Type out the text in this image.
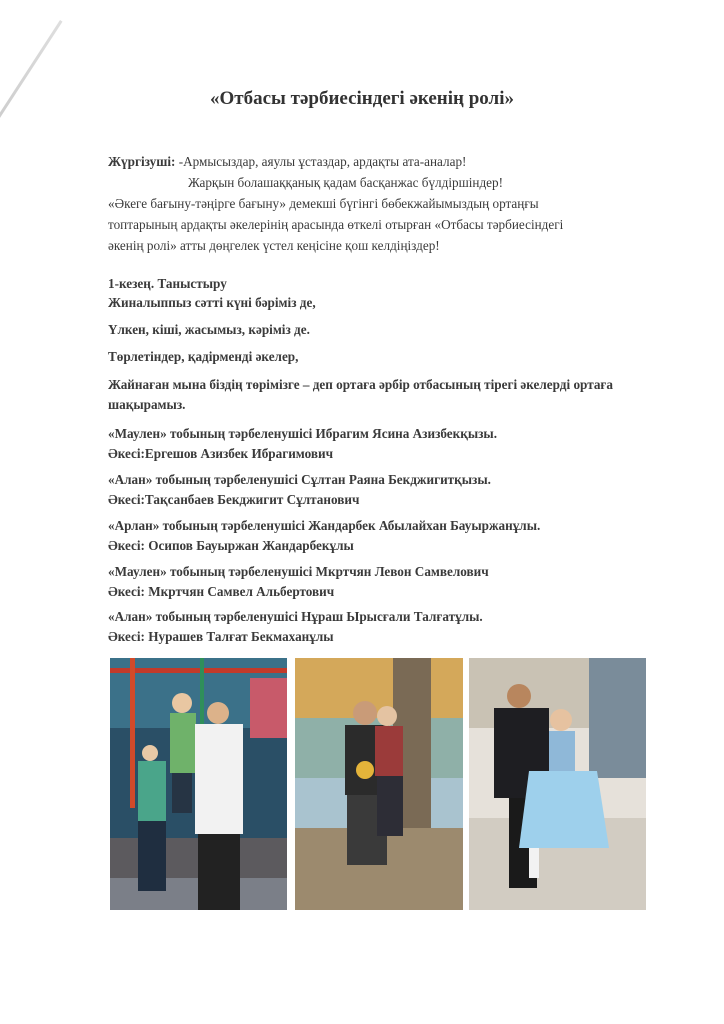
«Отбасы тәрбиесіндегі әкенің ролі»
Жүргізуші: -Армысыздар, аяулы ұстаздар, ардақты ата-аналар!
Жарқын болашаққанық қадам басқанжас бүлдіршіндер!
«Әкеге бағыну-тәңірге бағыну» демекші бүгінгі бөбекжайымыздың ортаңғы
топтарының ардақты әкелерінің арасында өткелі отырған «Отбасы тәрбиесіндегі
әкенің ролі» атты дөңгелек үстел кеңісіне қош келдіңіздер!
1-кезең. Таныстыру
Жиналыппыз сәтті күні бәріміз де,
Үлкен, кіші, жасымыз, кәріміз де.
Төрлетіндер, қадірменді әкелер,
Жайнаған мына біздің төрімізге – деп ортаға әрбір отбасының тірегі әкелерді ортаға шақырамыз.
«Маулен» тобының тәрбеленушісі Ибрагим Ясина Азизбекқызы.
Әкесі:Ергешов Азизбек Ибрагимович
«Алан» тобының тәрбеленушісі Сұлтан Раяна Бекджигитқызы.
Әкесі:Тақсанбаев Бекджигит Сұлтанович
«Арлан» тобының тәрбеленушісі Жандарбек Абылайхан Бауыржанұлы.
Әкесі: Осипов Бауыржан Жандарбекұлы
«Маулен» тобының тәрбеленушісі Мкртчян Левон Самвелович
Әкесі: Мкртчян Самвел Альбертович
«Алан» тобының тәрбеленушісі Нұраш Ырысғали Талғатұлы.
Әкесі: Нурашев Талғат Бекмаханұлы
